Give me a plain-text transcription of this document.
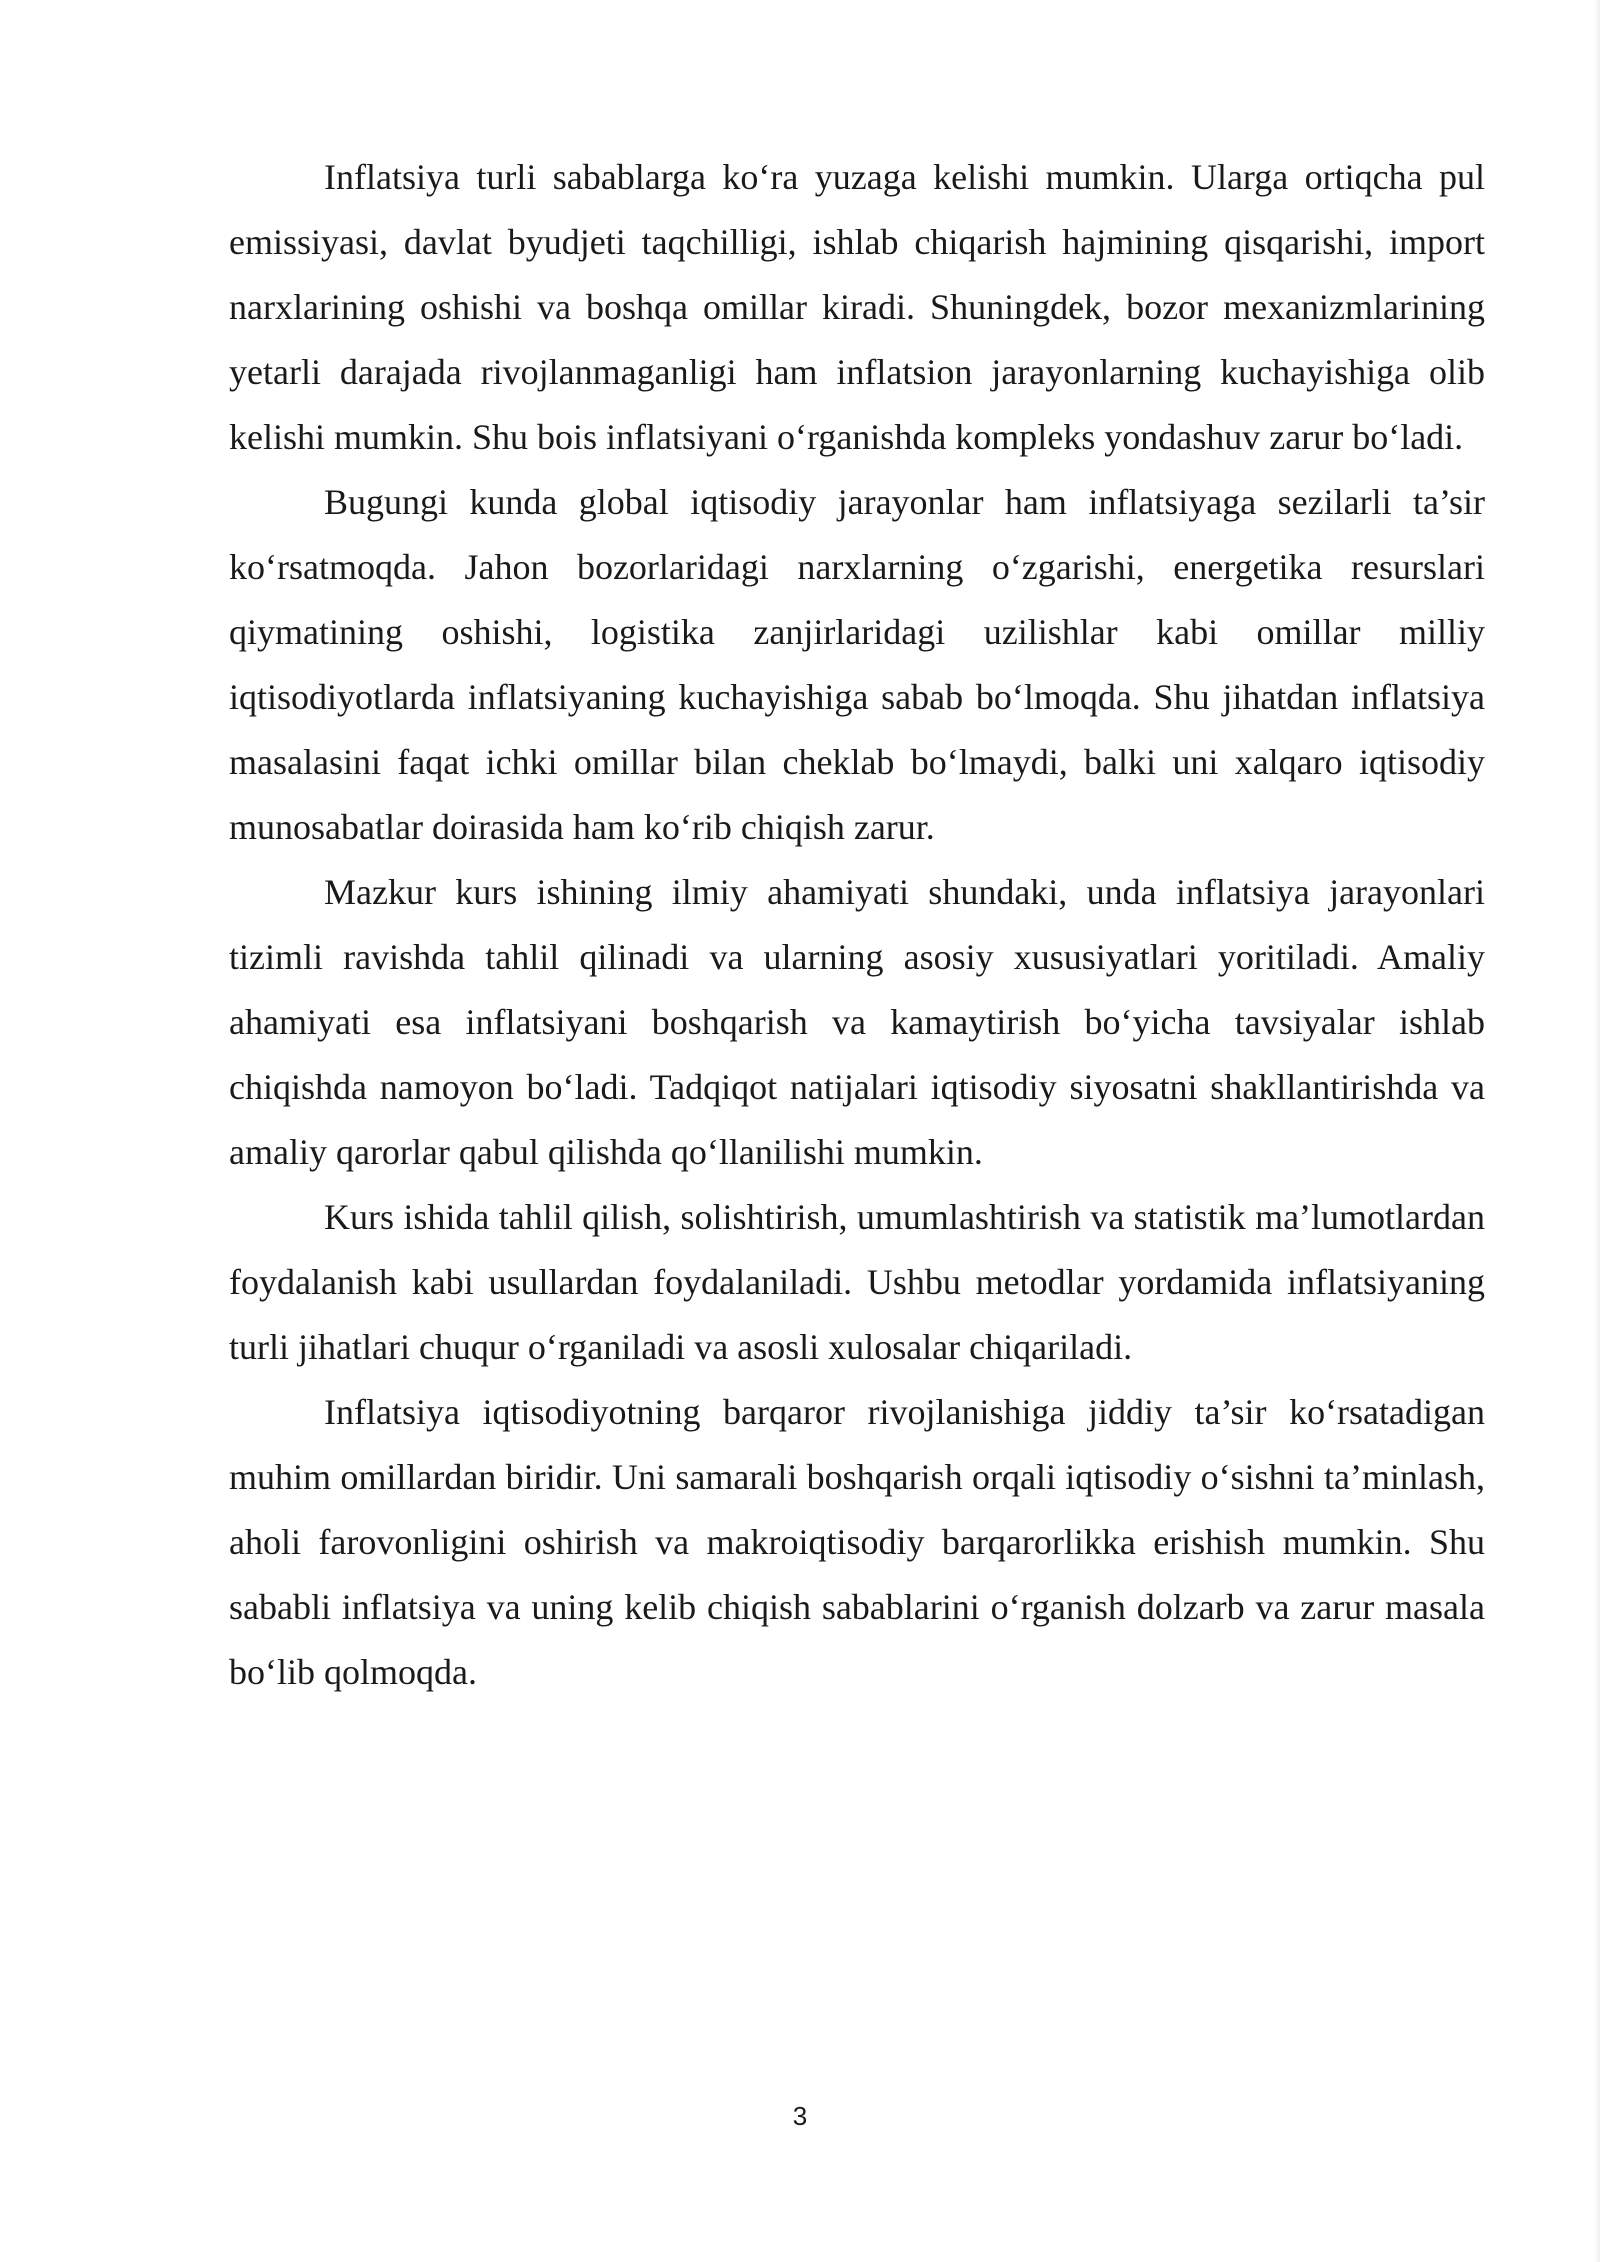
Inflatsiya turli sabablarga ko‘ra yuzaga kelishi mumkin. Ularga ortiqcha pul emissiyasi, davlat byudjeti taqchilligi, ishlab chiqarish hajmining qisqarishi, import narxlarining oshishi va boshqa omillar kiradi. Shuningdek, bozor mexanizmlarining yetarli darajada rivojlanmaganligi ham inflatsion jarayonlarning kuchayishiga olib kelishi mumkin. Shu bois inflatsiyani o‘rganishda kompleks yondashuv zarur bo‘ladi.

Bugungi kunda global iqtisodiy jarayonlar ham inflatsiyaga sezilarli ta’sir ko‘rsatmoqda. Jahon bozorlaridagi narxlarning o‘zgarishi, energetika resurslari qiymatining oshishi, logistika zanjirlaridagi uzilishlar kabi omillar milliy iqtisodiyotlarda inflatsiyaning kuchayishiga sabab bo‘lmoqda. Shu jihatdan inflatsiya masalasini faqat ichki omillar bilan cheklab bo‘lmaydi, balki uni xalqaro iqtisodiy munosabatlar doirasida ham ko‘rib chiqish zarur.

Mazkur kurs ishining ilmiy ahamiyati shundaki, unda inflatsiya jarayonlari tizimli ravishda tahlil qilinadi va ularning asosiy xususiyatlari yoritiladi. Amaliy ahamiyati esa inflatsiyani boshqarish va kamaytirish bo‘yicha tavsiyalar ishlab chiqishda namoyon bo‘ladi. Tadqiqot natijalari iqtisodiy siyosatni shakllantirishda va amaliy qarorlar qabul qilishda qo‘llanilishi mumkin.

Kurs ishida tahlil qilish, solishtirish, umumlashtirish va statistik ma’lumotlardan foydalanish kabi usullardan foydalaniladi. Ushbu metodlar yordamida inflatsiyaning turli jihatlari chuqur o‘rganiladi va asosli xulosalar chiqariladi.

Inflatsiya iqtisodiyotning barqaror rivojlanishiga jiddiy ta’sir ko‘rsatadigan muhim omillardan biridir. Uni samarali boshqarish orqali iqtisodiy o‘sishni ta’minlash, aholi farovonligini oshirish va makroiqtisodiy barqarorlikka erishish mumkin. Shu sababli inflatsiya va uning kelib chiqish sabablarini o‘rganish dolzarb va zarur masala bo‘lib qolmoqda.

3
